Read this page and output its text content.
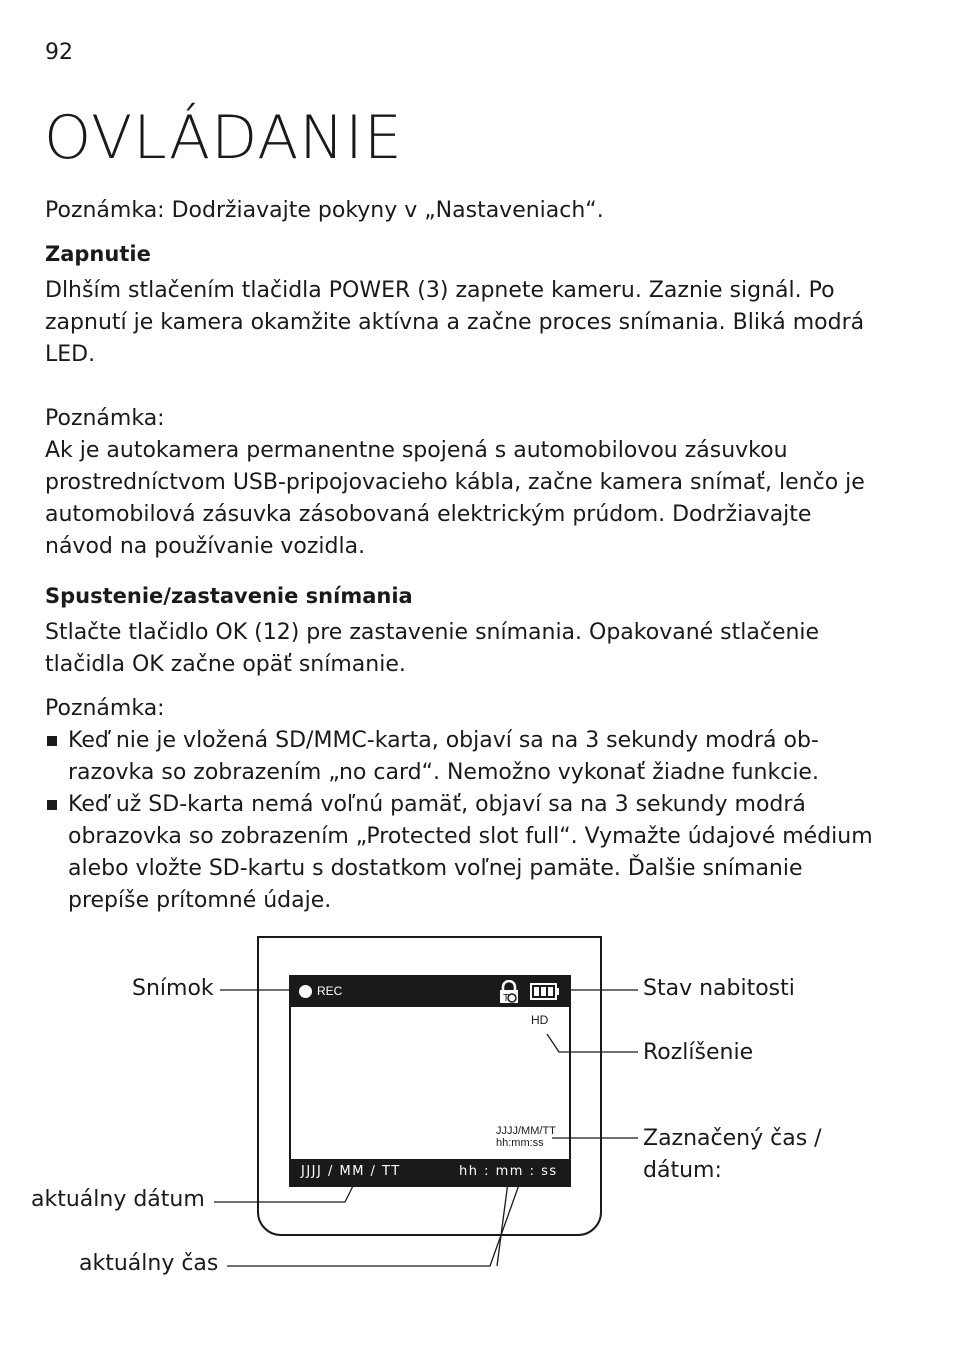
92
OVLÁDANIE

Poznámka: Dodržiavajte pokyny v „Nastaveniach“.

Zapnutie

Dlhším stlačením tlačidla POWER (3) zapnete kameru. Zaznie signál. Po zapnutí je kamera okamžite aktívna a začne proces snímania. Bliká modrá LED.

Poznámka:

Ak je autokamera permanentne spojená s automobilovou zásuvkou prostredníctvom USB-pripojovacieho kábla, začne kamera snímať, lenčo je automobilová zásuvka zásobovaná elektrickým prúdom. Dodržiavajte návod na používanie vozidla.

Spustenie/zastavenie snímania

Stlačte tlačidlo OK (12) pre zastavenie snímania. Opakované stlačenie tlačidla OK začne opäť snímanie.

Poznámka:

Keď nie je vložená SD/MMC-karta, objaví sa na 3 sekundy modrá ob-razovka so zobrazením „no card“. Nemožno vykonať žiadne funkcie.
Keď už SD-karta nemá voľnú pamäť, objaví sa na 3 sekundy modrá obrazovka so zobrazením „Protected slot full“. Vymažte údajové médium alebo vložte SD-kartu s dostatkom voľnej pamäte. Ďalšie snímanie prepíše prítomné údaje.
REC
T
HD
JJJJ/MM/TT
hh:mm:ss
JJJJ / MM / TT	hh : mm : ss
Snímok	Stav nabitosti
Rozlíšenie
Zaznačený čas /
dátum:
aktuálny dátum
aktuálny čas
